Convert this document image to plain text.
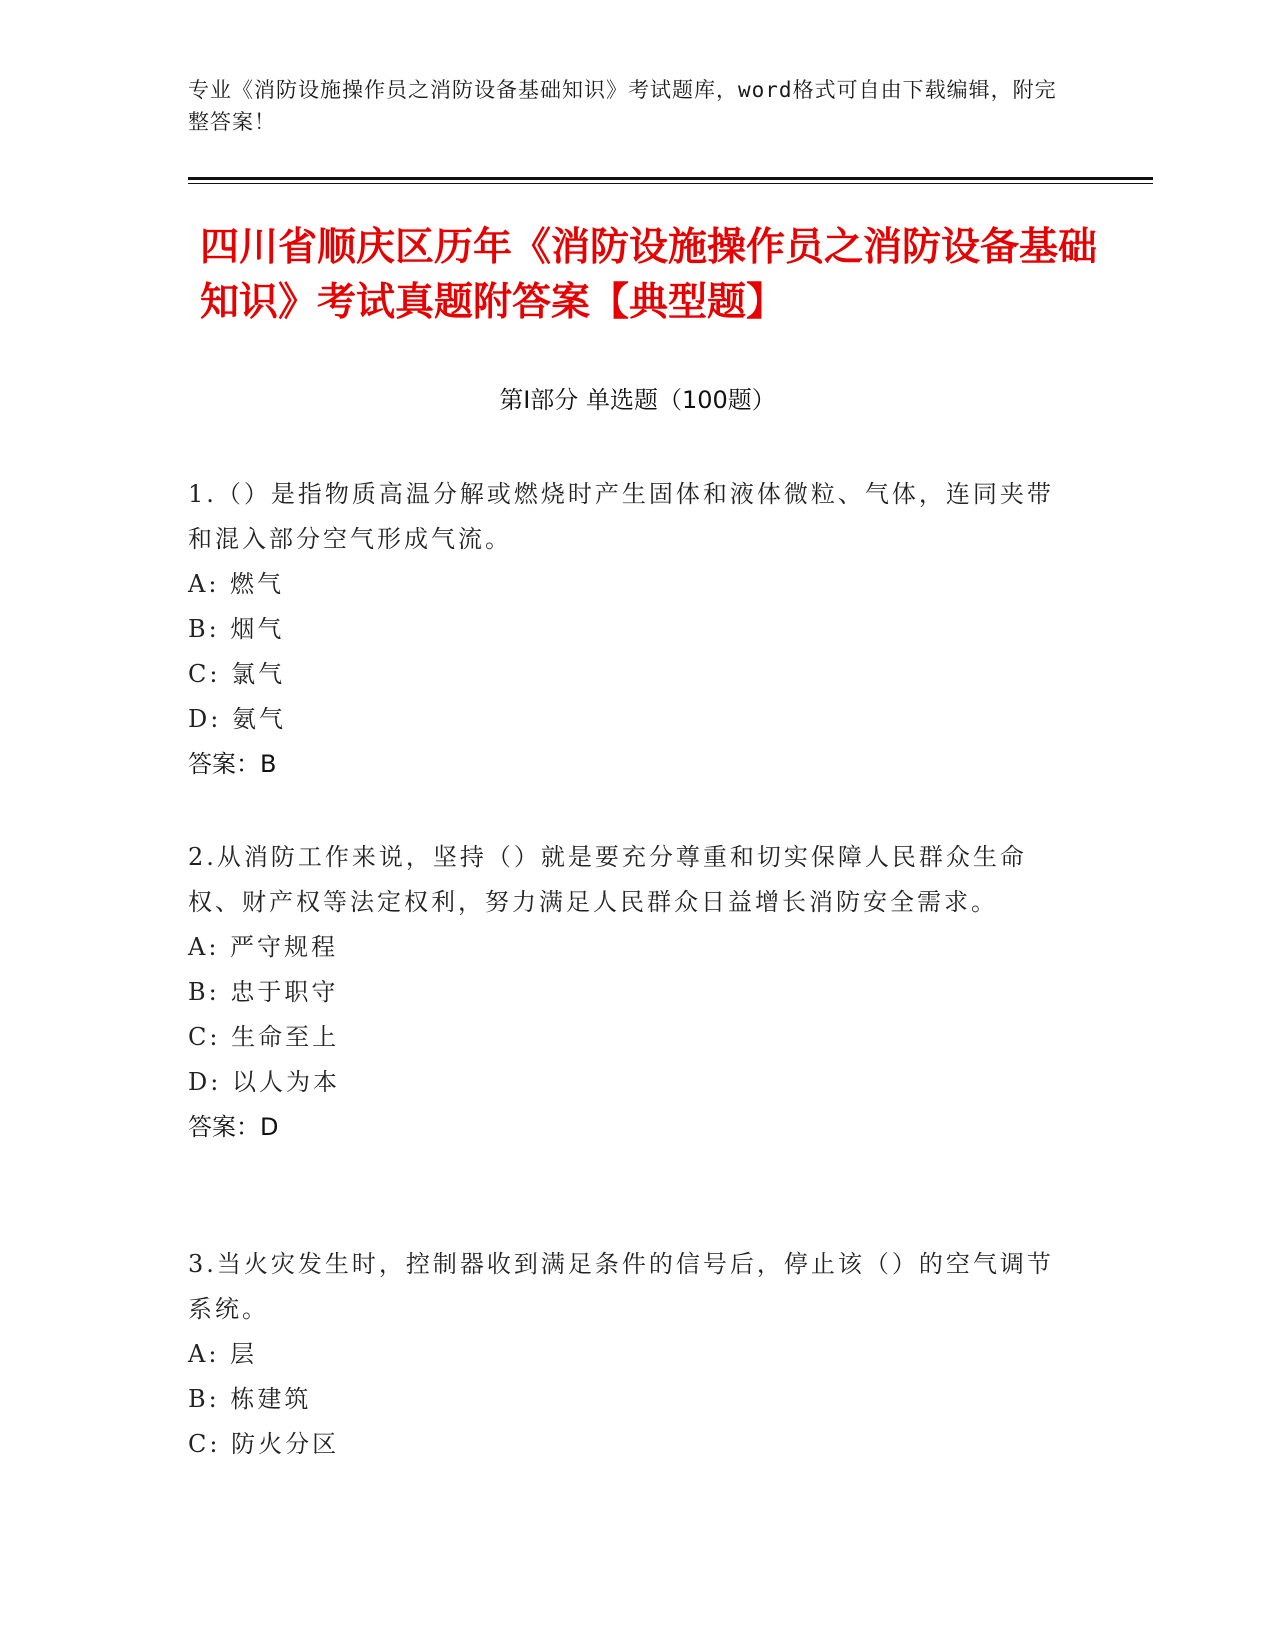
专业《消防设施操作员之消防设备基础知识》考试题库，word格式可自由下载编辑，附完整答案！
四川省顺庆区历年《消防设施操作员之消防设备基础知识》考试真题附答案【典型题】
第Ⅰ部分 单选题（100题）

1.（）是指物质高温分解或燃烧时产生固体和液体微粒、气体，连同夹带和混入部分空气形成气流。

A: 燃气

B: 烟气

C: 氯气

D: 氨气

答案：B

2.从消防工作来说，坚持（）就是要充分尊重和切实保障人民群众生命权、财产权等法定权利，努力满足人民群众日益增长消防安全需求。

A: 严守规程

B: 忠于职守

C: 生命至上

D: 以人为本

答案：D

3.当火灾发生时，控制器收到满足条件的信号后，停止该（）的空气调节系统。

A: 层

B: 栋建筑

C: 防火分区
